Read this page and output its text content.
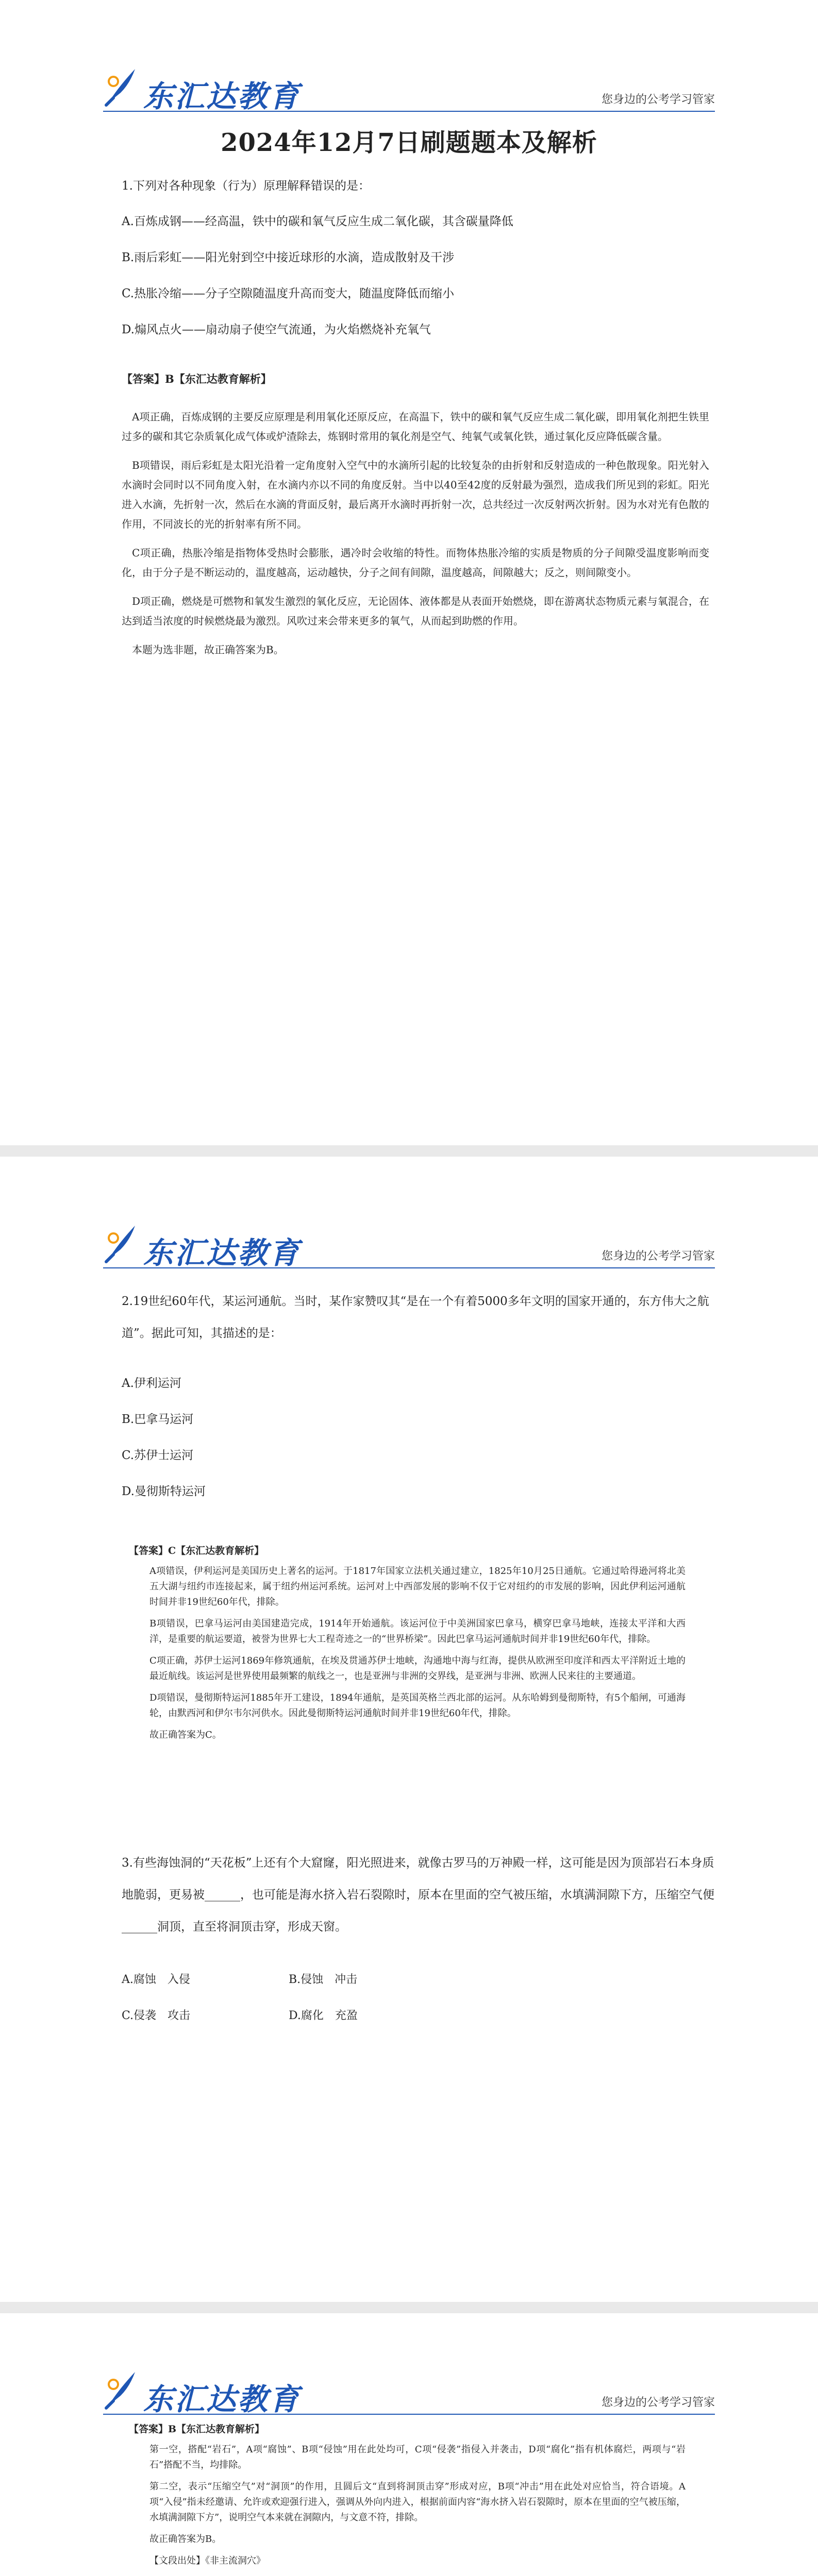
东汇达教育	您身边的公考学习管家
2024年12月7日刷题题本及解析
1.下列对各种现象（行为）原理解释错误的是：
A.百炼成钢——经高温，铁中的碳和氧气反应生成二氧化碳，其含碳量降低
B.雨后彩虹——阳光射到空中接近球形的水滴，造成散射及干涉
C.热胀冷缩——分子空隙随温度升高而变大，随温度降低而缩小
D.煽风点火——扇动扇子使空气流通，为火焰燃烧补充氧气
【答案】B【东汇达教育解析】

A项正确，百炼成钢的主要反应原理是利用氧化还原反应，在高温下，铁中的碳和氧气反应生成二氧化碳，即用氧化剂把生铁里过多的碳和其它杂质氧化成气体或炉渣除去，炼钢时常用的氧化剂是空气、纯氧气或氧化铁，通过氧化反应降低碳含量。

B项错误，雨后彩虹是太阳光沿着一定角度射入空气中的水滴所引起的比较复杂的由折射和反射造成的一种色散现象。阳光射入水滴时会同时以不同角度入射，在水滴内亦以不同的角度反射。当中以40至42度的反射最为强烈，造成我们所见到的彩虹。阳光进入水滴，先折射一次，然后在水滴的背面反射，最后离开水滴时再折射一次，总共经过一次反射两次折射。因为水对光有色散的作用，不同波长的光的折射率有所不同。

C项正确，热胀冷缩是指物体受热时会膨胀，遇冷时会收缩的特性。而物体热胀冷缩的实质是物质的分子间隙受温度影响而变化，由于分子是不断运动的，温度越高，运动越快，分子之间有间隙，温度越高，间隙越大；反之，则间隙变小。

D项正确，燃烧是可燃物和氧发生激烈的氧化反应，无论固体、液体都是从表面开始燃烧，即在游离状态物质元素与氧混合，在达到适当浓度的时候燃烧最为激烈。风吹过来会带来更多的氧气，从而起到助燃的作用。

本题为选非题，故正确答案为B。

东汇达教育	您身边的公考学习管家
2.19世纪60年代，某运河通航。当时，某作家赞叹其“是在一个有着5000多年文明的国家开通的，东方伟大之航道”。据此可知，其描述的是：
A.伊利运河
B.巴拿马运河
C.苏伊士运河
D.曼彻斯特运河
【答案】C【东汇达教育解析】

A项错误，伊利运河是美国历史上著名的运河。于1817年国家立法机关通过建立，1825年10月25日通航。它通过哈得逊河将北美五大湖与纽约市连接起来，属于纽约州运河系统。运河对上中西部发展的影响不仅于它对纽约的市发展的影响，因此伊利运河通航时间并非19世纪60年代，排除。

B项错误，巴拿马运河由美国建造完成，1914年开始通航。该运河位于中美洲国家巴拿马，横穿巴拿马地峡，连接太平洋和大西洋，是重要的航运要道，被誉为世界七大工程奇迹之一的“世界桥梁”。因此巴拿马运河通航时间并非19世纪60年代，排除。

C项正确，苏伊士运河1869年修筑通航，在埃及贯通苏伊士地峡，沟通地中海与红海，提供从欧洲至印度洋和西太平洋附近土地的最近航线。该运河是世界使用最频繁的航线之一，也是亚洲与非洲的交界线，是亚洲与非洲、欧洲人民来往的主要通道。

D项错误，曼彻斯特运河1885年开工建设，1894年通航，是英国英格兰西北部的运河。从东哈姆到曼彻斯特，有5个船闸，可通海轮，由默西河和伊尔韦尔河供水。因此曼彻斯特运河通航时间并非19世纪60年代，排除。

故正确答案为C。

3.有些海蚀洞的“天花板”上还有个大窟窿，阳光照进来，就像古罗马的万神殿一样，这可能是因为顶部岩石本身质地脆弱，更易被______，也可能是海水挤入岩石裂隙时，原本在里面的空气被压缩，水填满洞隙下方，压缩空气便______洞顶，直至将洞顶击穿，形成天窗。
A.腐蚀　入侵	B.侵蚀　冲击
C.侵袭　攻击	D.腐化　充盈
东汇达教育	您身边的公考学习管家
【答案】B【东汇达教育解析】

第一空，搭配“岩石”，A项“腐蚀”、B项“侵蚀”用在此处均可，C项“侵袭”指侵入并袭击，D项“腐化”指有机体腐烂，两项与“岩石”搭配不当，均排除。

第二空，表示“压缩空气”对“洞顶”的作用，且圆后文“直到将洞顶击穿”形成对应，B项“冲击”用在此处对应恰当，符合语境。A项“入侵”指未经邀请、允许或欢迎强行进入，强调从外向内进入，根据前面内容“海水挤入岩石裂隙时，原本在里面的空气被压缩，水填满洞隙下方”，说明空气本来就在洞隙内，与文意不符，排除。

故正确答案为B。

【文段出处】《非主流洞穴》
